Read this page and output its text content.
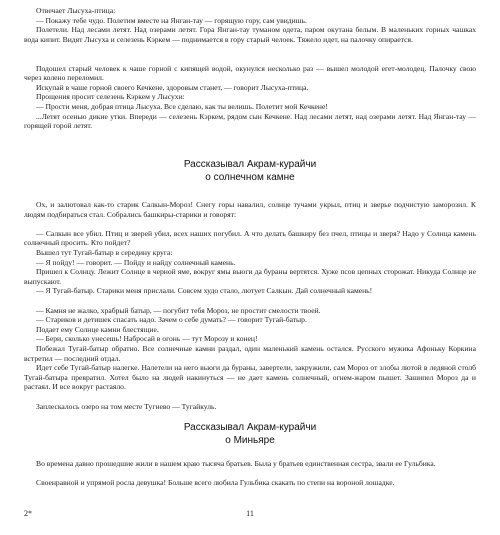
Отвечает Лысуха-птица:

— Покажу тебе чудо. Полетим вместе на Янган-тау — горящую гору, сам увидишь.

Полетели. Над лесами летят. Над озерами летят. Гора Янган-тау туманом одета, паром окутана белым. В маленьких горных чашках вода кипит. Видят Лысуха и селезень Кэркем — поднимается в гору старый челоек. Тяжело идет, на палочку опирается.

Подошел старый человек к чаше горной с кипящей водой, окунулся несколько раз — вышел молодой егет-молодец. Палочку свою через колено переломил.

Искупай в чаше горной своего Кечкене, здоровым станет, — говорит Лысуха-птица.

Прощения просит селезень Кэркем у Лысухи:

— Прости меня, добрая птица Лысуха. Все сделаю, как ты велишь. Полетит мой Кечкене!

...Летят осенью дикие утки. Впереди — селезень Кэркем, рядом сын Кечкене. Над лесами летят, над озерами летят. Над Янган-тау — горящей горой летят.

Рассказывал Акрам-курайчи
о солнечном камне

Ох, и залютовал как-то старик Салкын-Мороз! Снегу горы навалил, солнце тучами укрыл, птиц и зверье подчистую заморозил. К людям подбираться стал. Собрались башкиры-старики и говорят:

— Салкын все убил. Птиц и зверей убил, всех наших погубил. А что делать башкиру без пчел, птицы и зверя? Надо у Солнца камень солнечный просить. Кто пойдет?

Вышел тут Тугай-батыр в середину круга:

— Я пойду! — говорит. — Пойду и найду солнечный камень.

Пришел к Солнцу. Лежит Солнце в черной яме, вокруг ямы вьюги да бураны вертятся. Хуже псов цепных сторожат. Никуда Солнце не выпускают.

— Я Тугай-батыр. Старики меня прислали. Совсем худо стало, лютует Салкын. Дай солнечный камень!

— Камня не жалко, храбрый батыр, — погубит тебя Мороз, не простит смелости твоей.

— Стариков и детишек спасать надо. Зачем о себе думать? — говорит Тугай-батыр.

Подает ему Солнце камни блестящие.

— Бери, сколько унесешь! Набросай в огонь — тут Морозу и конец!

Побежал Тугай-батыр обратно. Все солнечные камни раздал, один маленький камень остался. Русского мужика Афоньку Коркина встретил — последний отдал.

Идет себе Тугай-батыр налегке. Налетели на него вьюги да бураны, завертели, закружили, сам Мороз от злобы лютой в ледяной столб Тугай-батыра превратил. Хотел было на людей накинуться — не дает камень солнечный, огнем-жаром пышет. Зашипел Мороз да и растаял. И все вокруг растаяло.

Заплескалось озеро на том месте Тугнево — Тугайкуль.

Рассказывал Акрам-курайчи
о Миньяре

Во времена давно прошедшие жили в нашем краю тысяча братьев. Была у братьев единственная сестра, звали ее Гульбика.

Своенравной и упрямой росла девушка! Больше всего любила Гульбика скакать по степи на вороной лошадке.

2*	11
